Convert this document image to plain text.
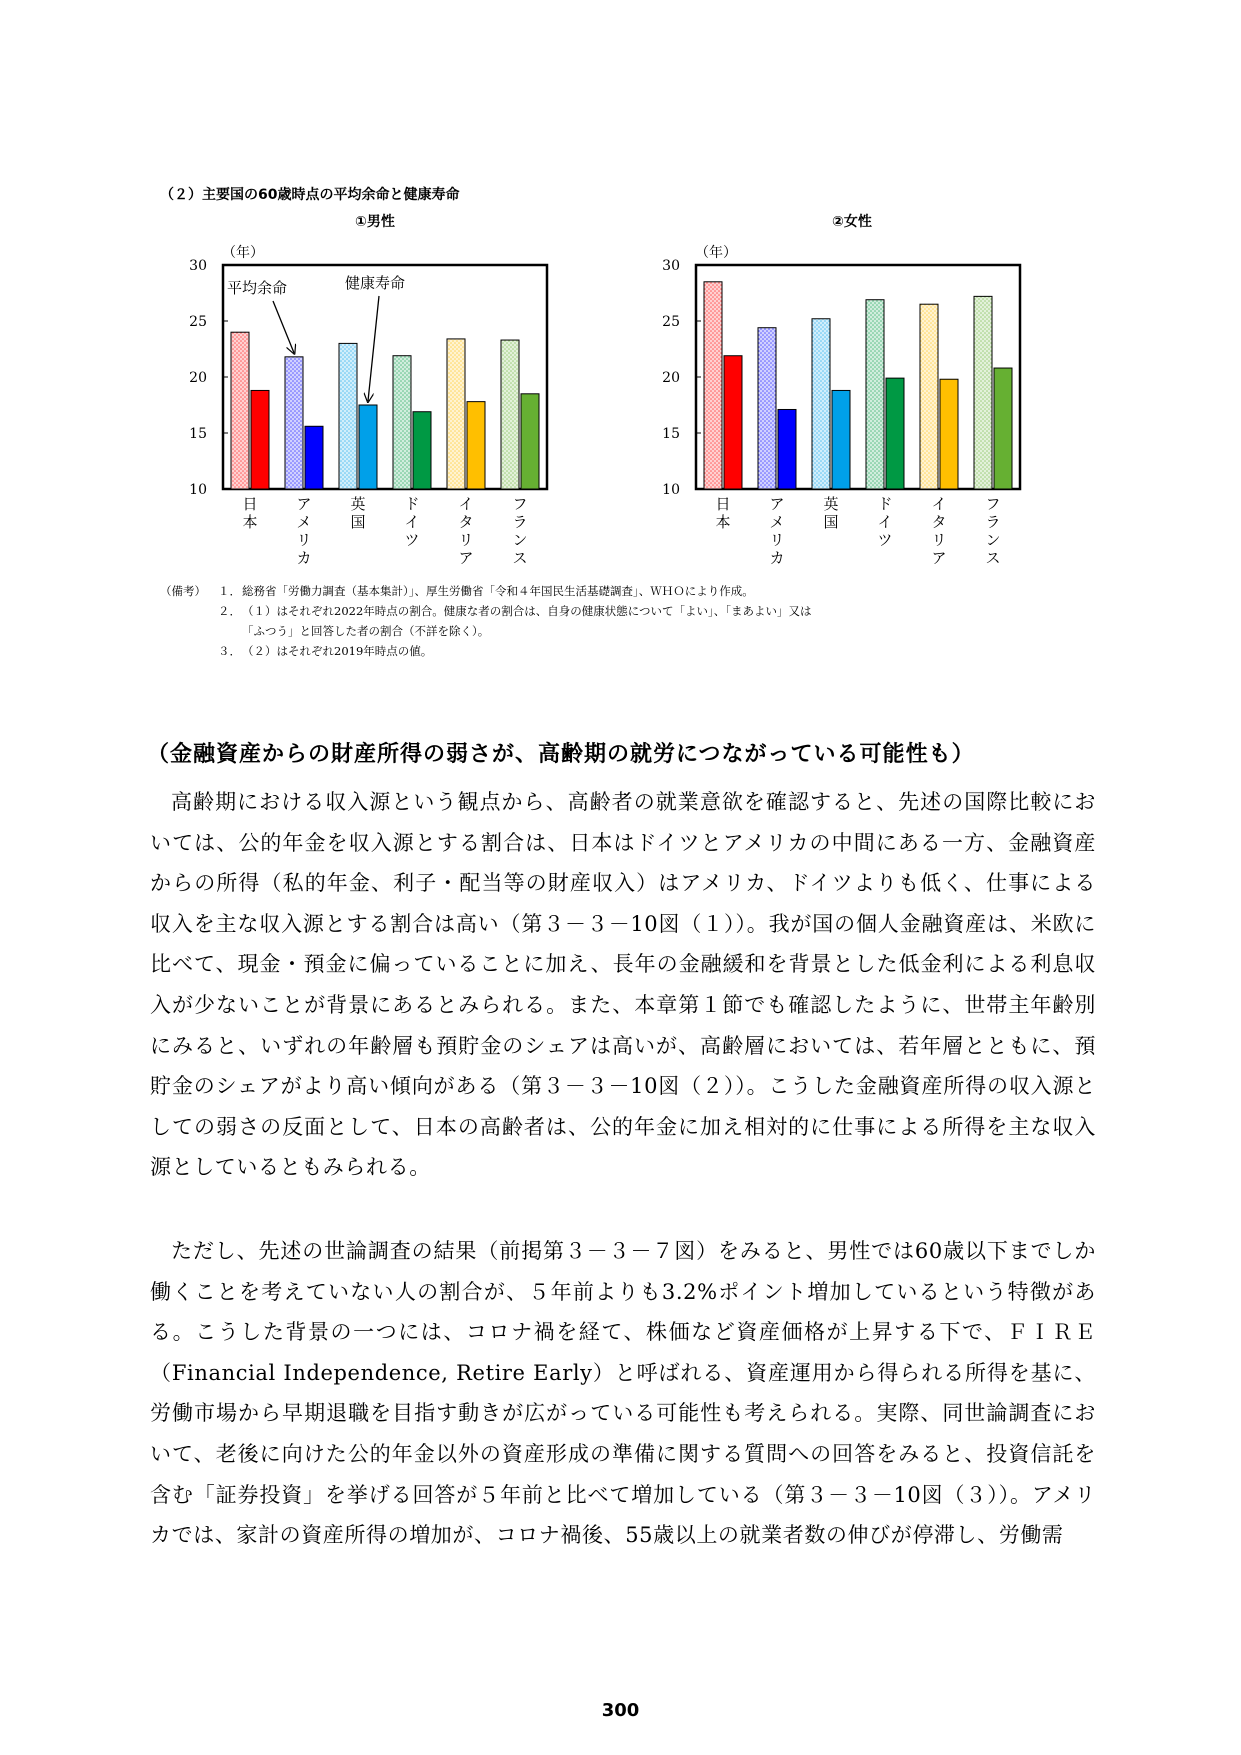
（２）主要国の60歳時点の平均余命と健康寿命
①男性	②女性
10
15
20
25
30
（年）
日
本
ア
メ
リ
カ
英
国
ド
イ
ツ
イ
タ
リ
ア
フ
ラ
ン
ス
平均余命	健康寿命
10
15
20
25
30
（年）
日
本
ア
メ
リ
カ
英
国
ド
イ
ツ
イ
タ
リ
ア
フ
ラ
ン
ス
（備考）	１． 総務省「労働力調査（基本集計）」、厚生労働省「令和４年国民生活基礎調査」、ＷＨＯにより作成。
２． （１）はそれぞれ2022年時点の割合。健康な者の割合は、自身の健康状態について「よい」、「まあよい」又は
「ふつう」と回答した者の割合（不詳を除く）。
３． （２）はそれぞれ2019年時点の値。
（金融資産からの財産所得の弱さが、高齢期の就労につながっている可能性も）
高齢期における収入源という観点から、高齢者の就業意欲を確認すると、先述の国際比較においては、公的年金を収入源とする割合は、日本はドイツとアメリカの中間にある一方、金融資産からの所得（私的年金、利子・配当等の財産収入）はアメリカ、ドイツよりも低く、仕事による収入を主な収入源とする割合は高い（第３－３－10図（１））。我が国の個人金融資産は、米欧に比べて、現金・預金に偏っていることに加え、長年の金融緩和を背景とした低金利による利息収入が少ないことが背景にあるとみられる。また、本章第１節でも確認したように、世帯主年齢別にみると、いずれの年齢層も預貯金のシェアは高いが、高齢層においては、若年層とともに、預貯金のシェアがより高い傾向がある（第３－３－10図（２））。こうした金融資産所得の収入源としての弱さの反面として、日本の高齢者は、公的年金に加え相対的に仕事による所得を主な収入源としているともみられる。
ただし、先述の世論調査の結果（前掲第３－３－７図）をみると、男性では60歳以下までしか働くことを考えていない人の割合が、５年前よりも3.2%ポイント増加しているという特徴がある。こうした背景の一つには、コロナ禍を経て、株価など資産価格が上昇する下で、ＦＩＲＥ（Financial Independence, Retire Early）と呼ばれる、資産運用から得られる所得を基に、労働市場から早期退職を目指す動きが広がっている可能性も考えられる。実際、同世論調査において、老後に向けた公的年金以外の資産形成の準備に関する質問への回答をみると、投資信託を含む「証券投資」を挙げる回答が５年前と比べて増加している（第３－３－10図（３））。アメリカでは、家計の資産所得の増加が、コロナ禍後、55歳以上の就業者数の伸びが停滞し、労働需
300
